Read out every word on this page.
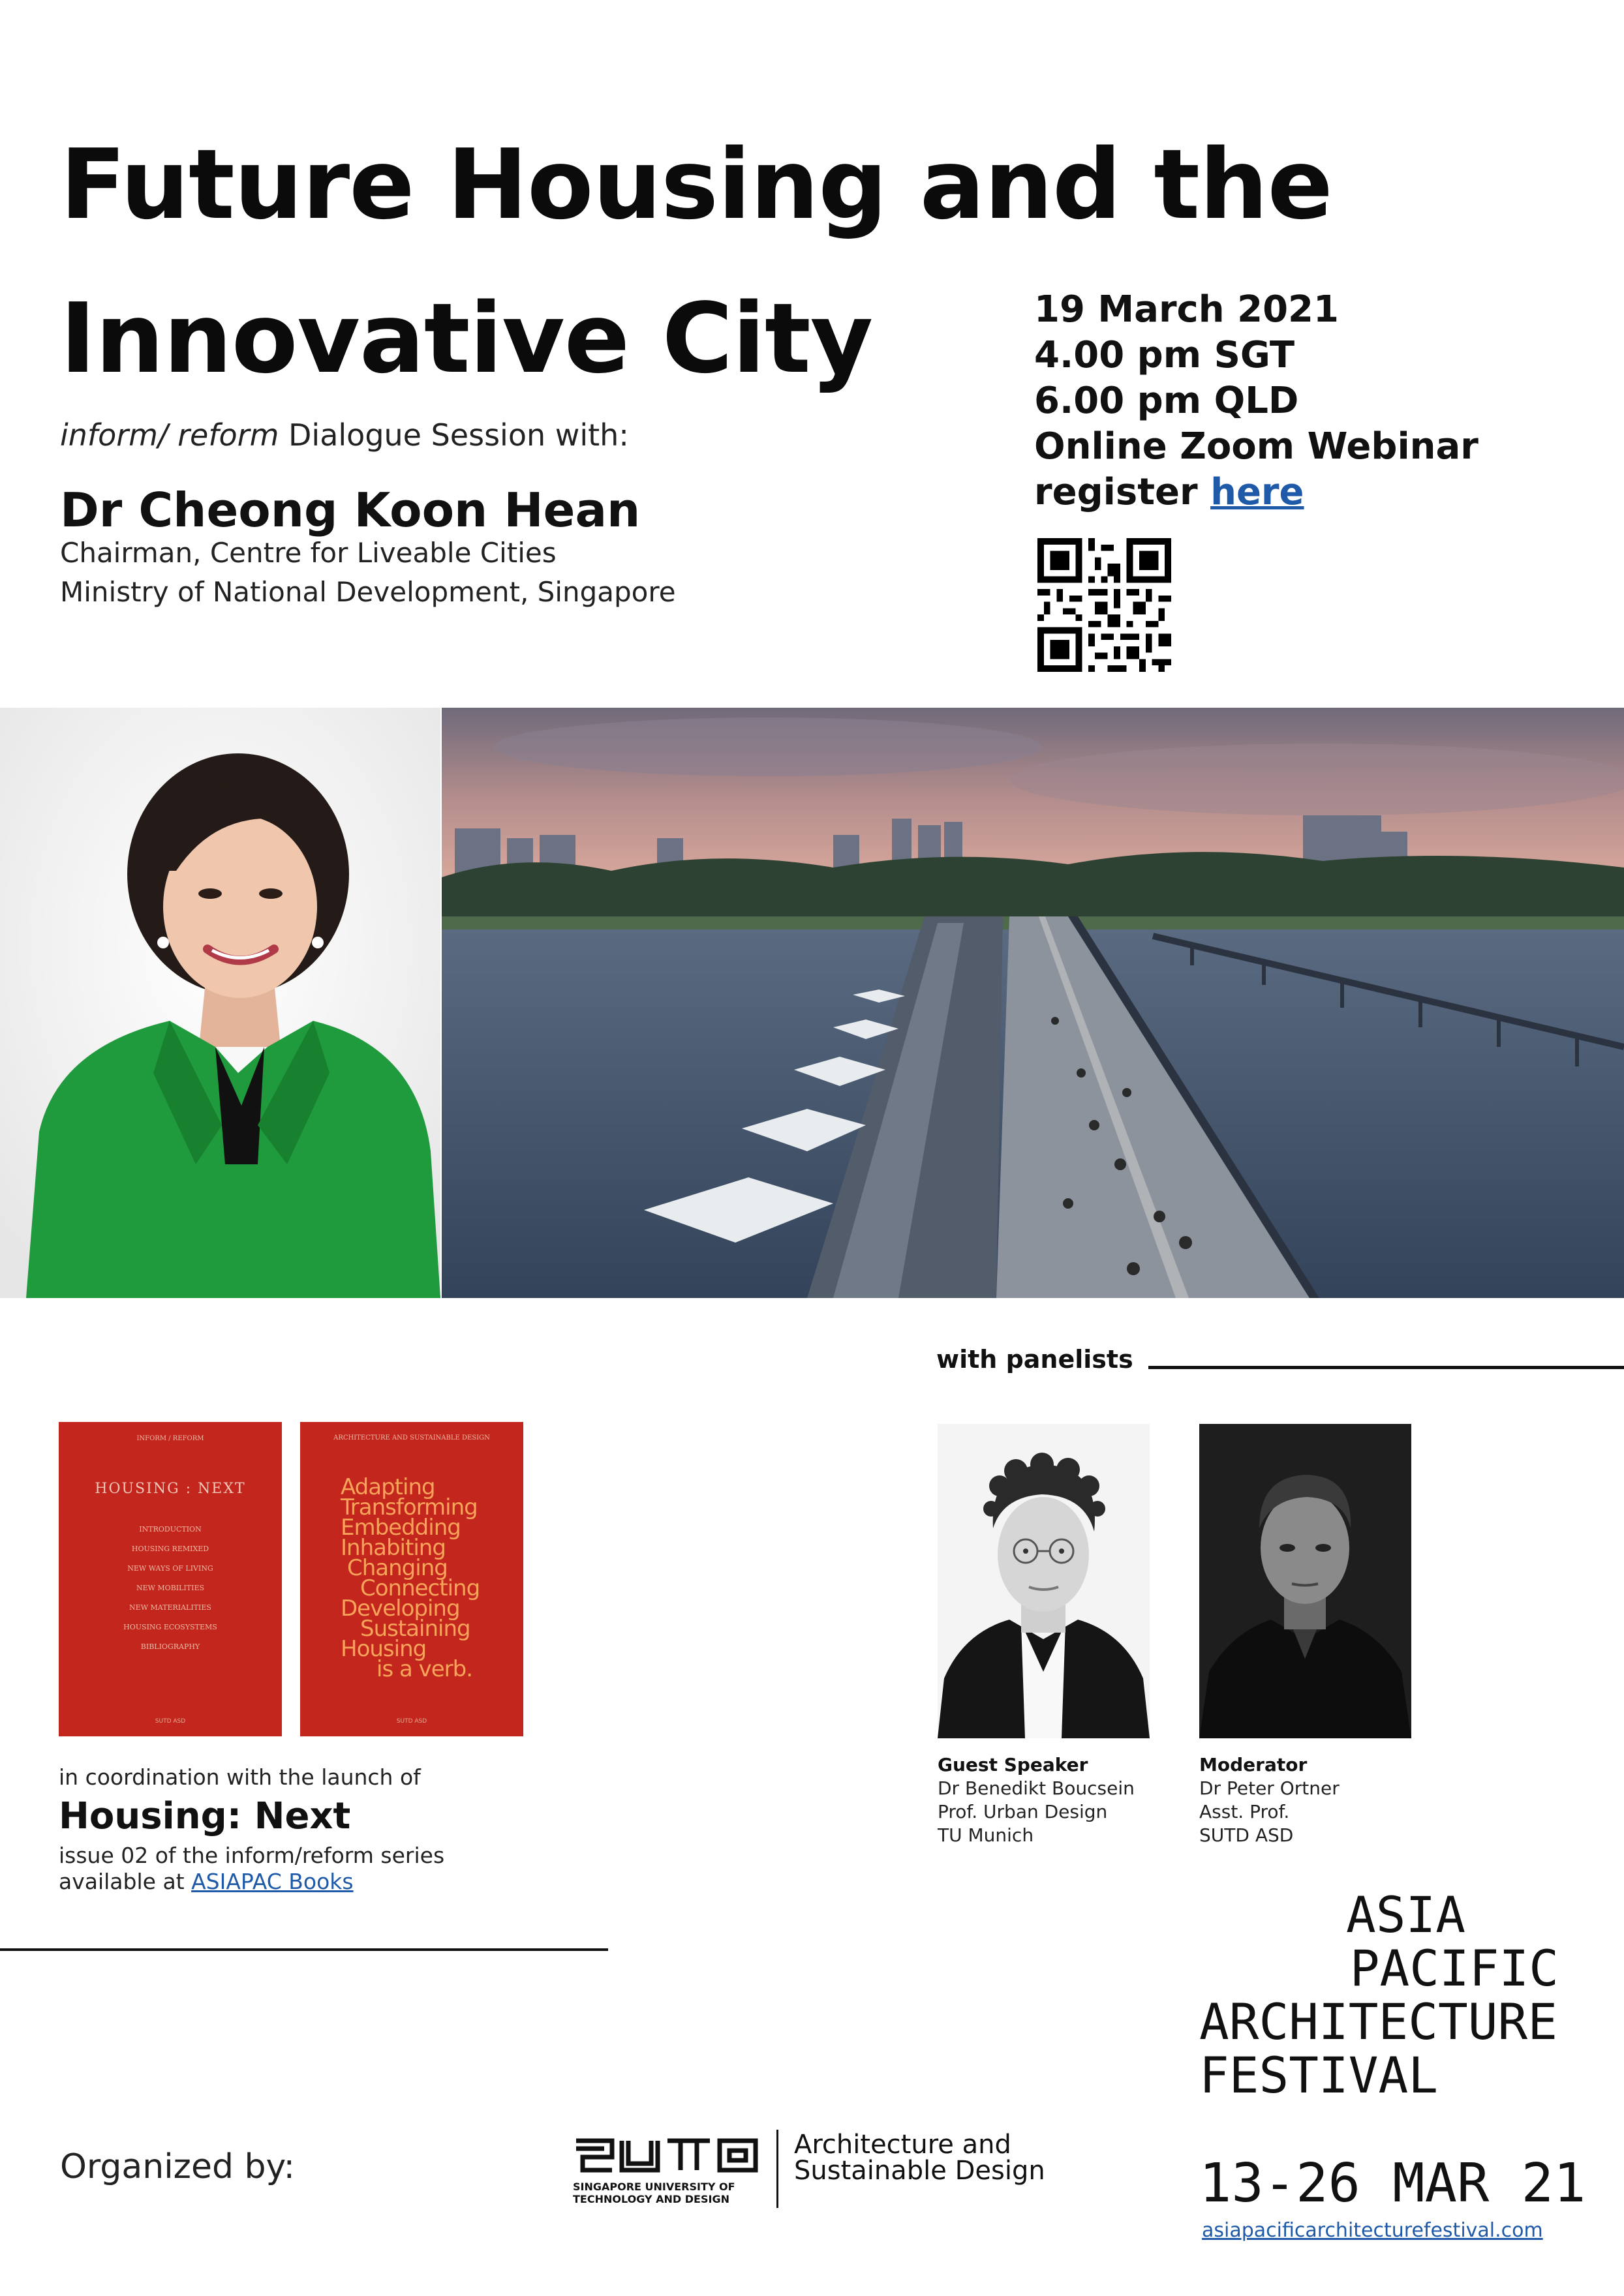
Future Housing and the
Innovative City	19 March 2021
4.00 pm SGT
6.00 pm QLD
Online Zoom Webinar
register here
inform/ reform Dialogue Session with:
Dr Cheong Koon Hean
Chairman, Centre for Liveable Cities
Ministry of National Development, Singapore
with panelists
INFORM / REFORM
HOUSING : NEXT
INTRODUCTION
HOUSING REMIXED
NEW WAYS OF LIVING
NEW MOBILITIES
NEW MATERIALITIES
HOUSING ECOSYSTEMS
BIBLIOGRAPHY
SUTD ASD
ARCHITECTURE AND SUSTAINABLE DESIGN
Adapting
Transforming
Embedding
Inhabiting
Changing
Connecting
Developing
Sustaining
Housing
is a verb.
SUTD ASD
in coordination with the launch of
Housing: Next
issue 02 of the inform/reform series
available at ASIAPAC Books
Guest Speaker
Dr Benedikt Boucsein
Prof. Urban Design
TU Munich
Moderator
Dr Peter Ortner
Asst. Prof.
SUTD ASD
ASIA
PACIFIC
ARCHITECTURE
FESTIVAL
13-26 MAR 21
asiapacificarchitecturefestival.com
Organized by:
SINGAPORE UNIVERSITY OF
TECHNOLOGY AND DESIGN
Architecture and
Sustainable Design
